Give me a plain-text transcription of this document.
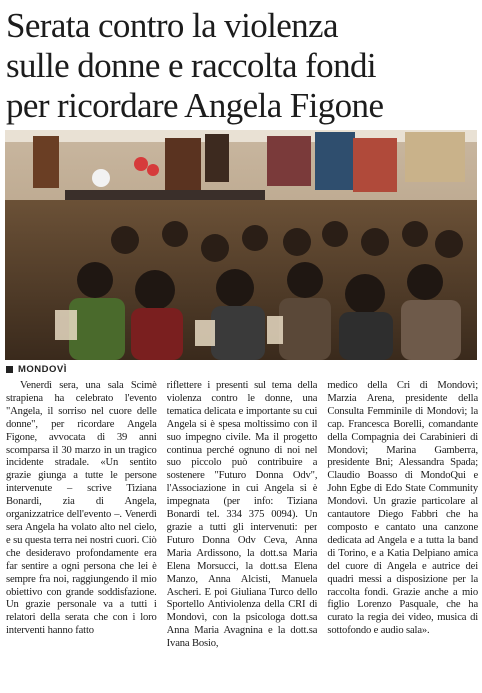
Serata contro la violenza
sulle donne e raccolta fondi
per ricordare Angela Figone
MONDOVÌ

Venerdì sera, una sala Scimè strapiena ha celebrato l'evento "Angela, il sorriso nel cuore delle donne", per ricordare Angela Figone, avvocata di 39 anni scomparsa il 30 marzo in un tragico incidente stradale. «Un sentito grazie giunga a tutte le persone intervenute – scrive Tiziana Bonardi, zia di Angela, organizzatrice dell'evento –. Venerdì sera Angela ha volato alto nel cielo, e su questa terra nei nostri cuori. Ciò che desideravo profondamente era far sentire a ogni persona che lei è sempre fra noi, raggiungendo il mio obiettivo con grande soddisfazione. Un grazie personale va a tutti i relatori della serata che con i loro interventi hanno fatto

riflettere i presenti sul tema della violenza contro le donne, una tematica delicata e importante su cui Angela si è spesa moltissimo con il suo impegno civile. Ma il progetto continua perché ognuno di noi nel suo piccolo può contribuire a sostenere "Futuro Donna Odv", l'Associazione in cui Angela si è impegnata (per info: Tiziana Bonardi tel. 334 375 0094). Un grazie a tutti gli intervenuti: per Futuro Donna Odv Ceva, Anna Maria Ardissono, la dott.sa Maria Elena Morsucci, la dott.sa Elena Manzo, Anna Alcisti, Manuela Ascheri. E poi Giuliana Turco dello Sportello Antiviolenza della CRI di Mondovì, con la psicologa dott.sa Anna Maria Avagnina e la dott.sa Ivana Bosio,

medico della Cri di Mondovì; Marzia Arena, presidente della Consulta Femminile di Mondovì; la cap. Francesca Borelli, comandante della Compagnia dei Carabinieri di Mondovì; Marina Gamberra, presidente Bni; Alessandra Spada; Claudio Boasso di MondoQui e John Egbe di Edo State Community Mondovì. Un grazie particolare al cantautore Diego Fabbri che ha composto e cantato una canzone dedicata ad Angela e a tutta la band di Torino, e a Katia Delpiano amica del cuore di Angela e autrice dei quadri messi a disposizione per la raccolta fondi. Grazie anche a mio figlio Lorenzo Pasquale, che ha curato la regia dei video, musica di sottofondo e audio sala».
